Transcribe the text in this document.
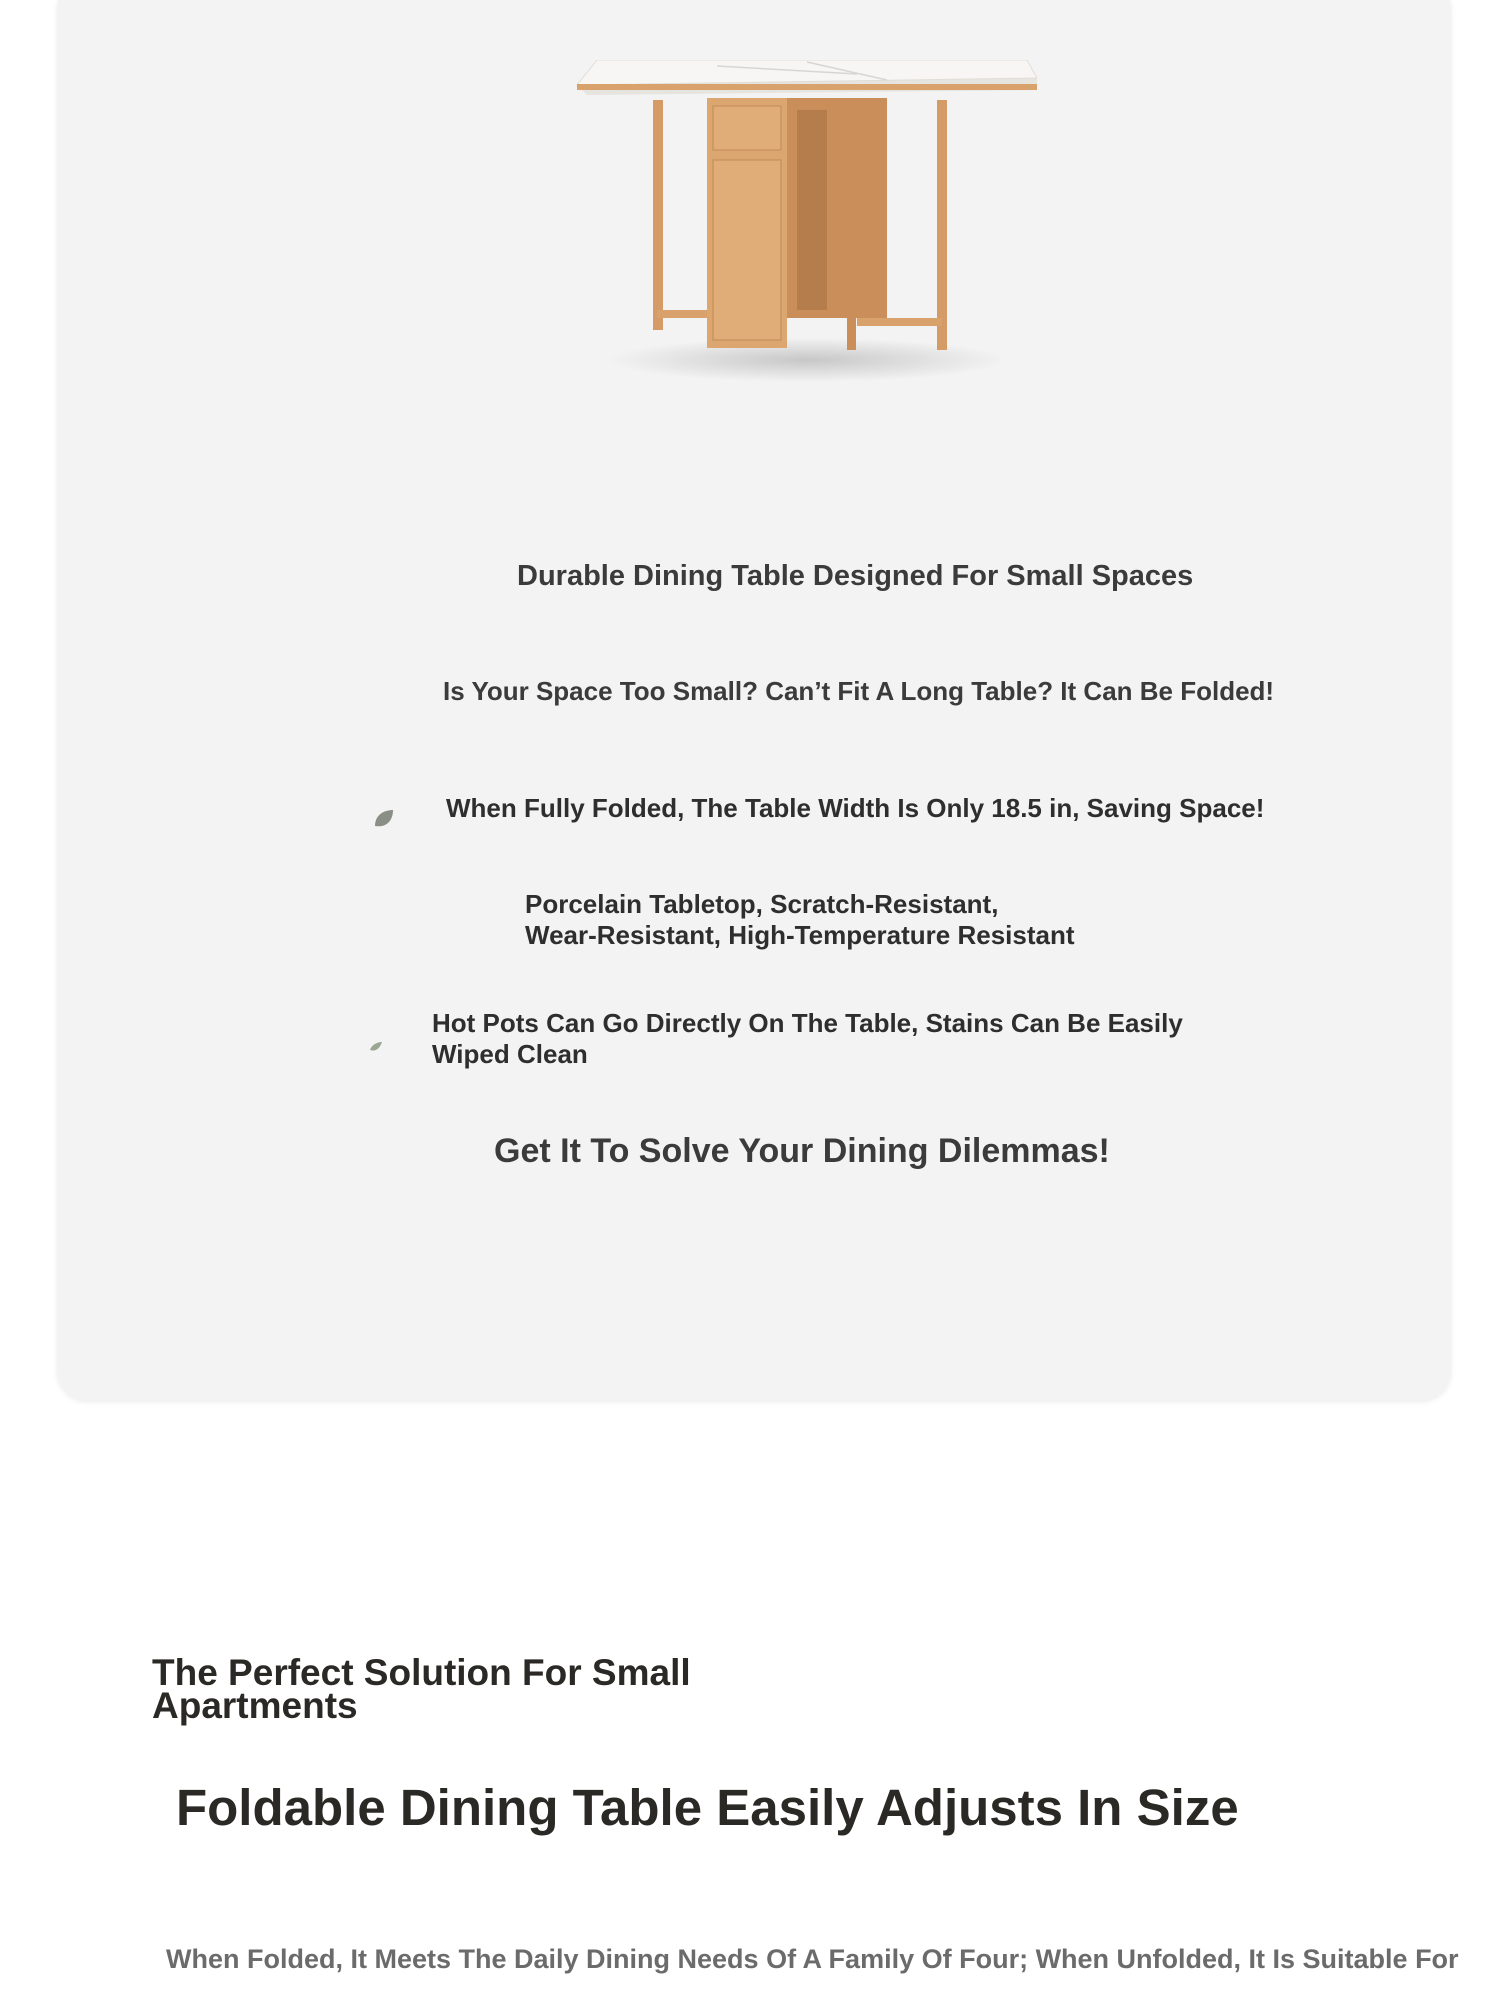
Durable Dining Table Designed For Small Spaces

Is Your Space Too Small? Can’t Fit A Long Table? It Can Be Folded!

When Fully Folded, The Table Width Is Only 18.5 in, Saving Space!

Porcelain Tabletop, Scratch-Resistant,
Wear-Resistant, High-Temperature Resistant
Hot Pots Can Go Directly On The Table, Stains Can Be Easily
Wiped Clean

Get It To Solve Your Dining Dilemmas!

The Perfect Solution For Small
Apartments
Foldable Dining Table Easily Adjusts In Size

When Folded, It Meets The Daily Dining Needs Of A Family Of Four; When Unfolded, It Is Suitable For
